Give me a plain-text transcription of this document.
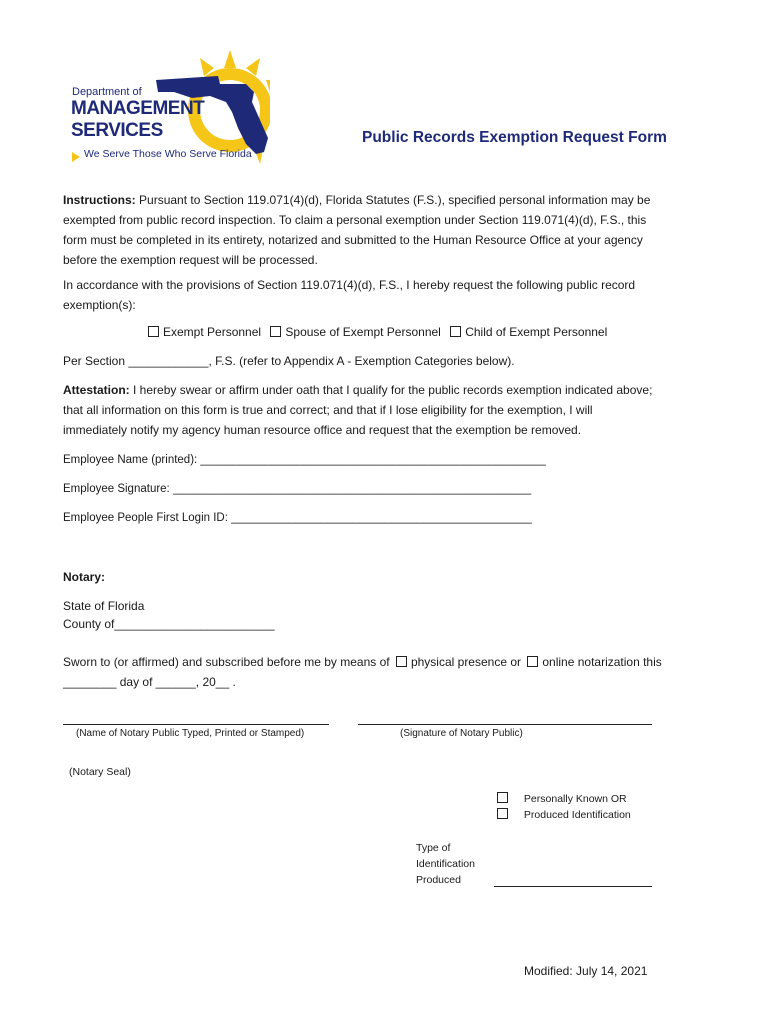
Department of
MANAGEMENT
SERVICES
We Serve Those Who Serve Florida
Public Records Exemption Request Form
Instructions: Pursuant to Section 119.071(4)(d), Florida Statutes (F.S.), specified personal information may be
exempted from public record inspection. To claim a personal exemption under Section 119.071(4)(d), F.S., this
form must be completed in its entirety, notarized and submitted to the Human Resource Office at your agency
before the exemption request will be processed.
In accordance with the provisions of Section 119.071(4)(d), F.S., I hereby request the following public record
exemption(s):
Exempt Personnel Spouse of Exempt Personnel Child of Exempt Personnel
Per Section ____________, F.S. (refer to Appendix A - Exemption Categories below).
Attestation: I hereby swear or affirm under oath that I qualify for the public records exemption indicated above;
that all information on this form is true and correct; and that if I lose eligibility for the exemption, I will
immediately notify my agency human resource office and request that the exemption be removed.
Employee Name (printed): ______________________________________________________
Employee Signature: ________________________________________________________
Employee People First Login ID: _______________________________________________
Notary:
State of Florida
County of________________________
Sworn to (or affirmed) and subscribed before me by means of physical presence or online notarization this
________ day of ______, 20__ .
(Name of Notary Public Typed, Printed or Stamped)	(Signature of Notary Public)
(Notary Seal)
Personally Known OR
Produced Identification
Type of
Identification
Produced
Modified: July 14, 2021
